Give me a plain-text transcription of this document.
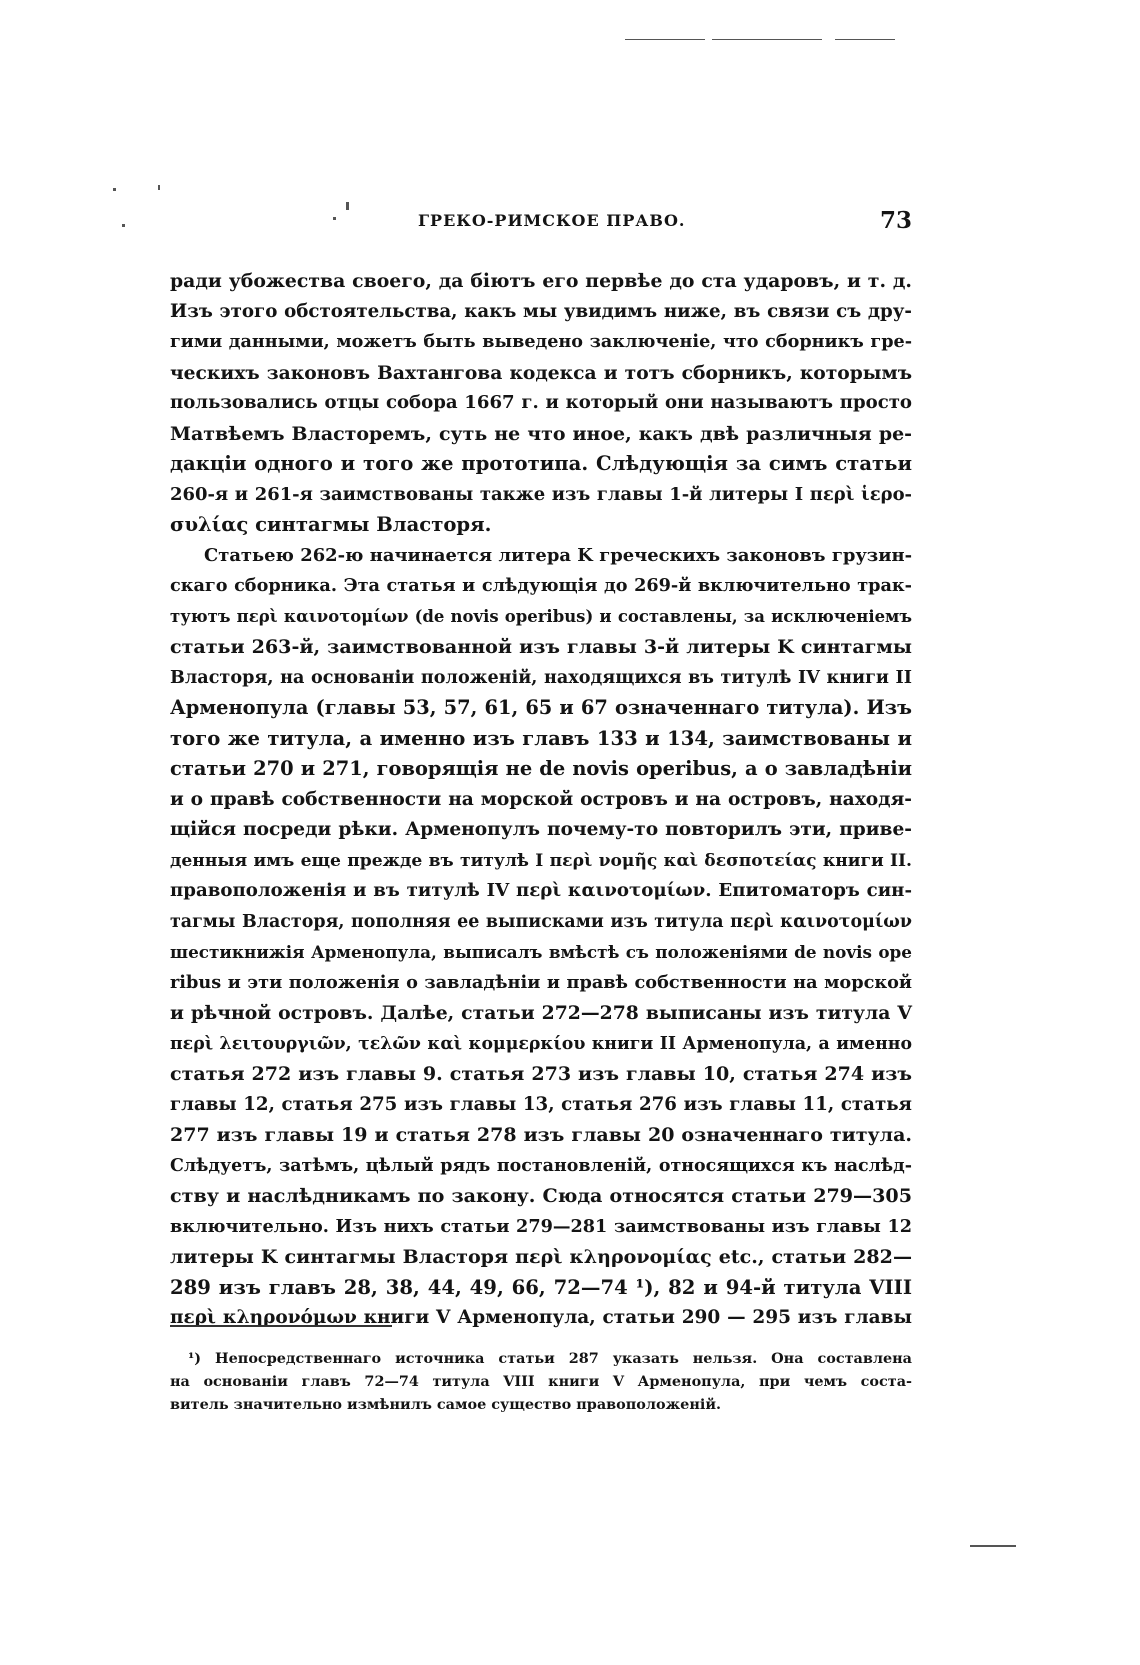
ГРЕКО-РИМСКОЕ ПРАВО.	73

ради убожества своего, да біютъ его первѣе до ста ударовъ, и т. д.
Изъ этого обстоятельства, какъ мы увидимъ ниже, въ связи съ дру-
гими данными, можетъ быть выведено заключеніе, что сборникъ гре-
ческихъ законовъ Вахтангова кодекса и тотъ сборникъ, которымъ
пользовались отцы собора 1667 г. и который они называютъ просто
Матвѣемъ Власторемъ, суть не что иное, какъ двѣ различныя ре-
дакціи одного и того же прототипа. Слѣдующія за симъ статьи
260-я и 261-я заимствованы также изъ главы 1-й литеры Ι περὶ ἱερο-
συλίας синтагмы Власторя.

Статьею 262-ю начинается литера Κ греческихъ законовъ грузин-
скаго сборника. Эта статья и слѣдующія до 269-й включительно трак-
туютъ περὶ καινοτομίων (de novis operibus) и составлены, за исключеніемъ
статьи 263-й, заимствованной изъ главы 3-й литеры Κ синтагмы
Власторя, на основаніи положеній, находящихся въ титулѣ IV книги II
Арменопула (главы 53, 57, 61, 65 и 67 означеннаго титула). Изъ
того же титула, а именно изъ главъ 133 и 134, заимствованы и
статьи 270 и 271, говорящія не de novis operibus, а о завладѣніи
и о правѣ собственности на морской островъ и на островъ, находя-
щійся посреди рѣки. Арменопулъ почему-то повторилъ эти, приве-
денныя имъ еще прежде въ титулѣ I περὶ νομῆς καὶ δεσποτείας книги II.
правоположенія и въ титулѣ IV περὶ καινοτομίων. Епитоматоръ син-
тагмы Власторя, пополняя ее выписками изъ титула περὶ καινοτομίων
шестикнижія Арменопула, выписалъ вмѣстѣ съ положеніями de novis ope
ribus и эти положенія о завладѣніи и правѣ собственности на морской
и рѣчной островъ. Далѣе, статьи 272—278 выписаны изъ титула V
περὶ λειτουργιῶν, τελῶν καὶ κομμερκίου книги II Арменопула, а именно
статья 272 изъ главы 9. статья 273 изъ главы 10, статья 274 изъ
главы 12, статья 275 изъ главы 13, статья 276 изъ главы 11, статья
277 изъ главы 19 и статья 278 изъ главы 20 означеннаго титула.
Слѣдуетъ, затѣмъ, цѣлый рядъ постановленій, относящихся къ наслѣд-
ству и наслѣдникамъ по закону. Сюда относятся статьи 279—305
включительно. Изъ нихъ статьи 279—281 заимствованы изъ главы 12
литеры Κ синтагмы Власторя περὶ κληρονομίας etc., статьи 282—
289 изъ главъ 28, 38, 44, 49, 66, 72—74 ¹), 82 и 94-й титула VIII
περὶ κληρονόμων книги V Арменопула, статьи 290 — 295 изъ главы

¹) Непосредственнаго источника статьи 287 указать нельзя. Она составлена
на основаніи главъ 72—74 титула VIII книги V Арменопула, при чемъ соста-
витель значительно измѣнилъ самое существо правоположеній.
